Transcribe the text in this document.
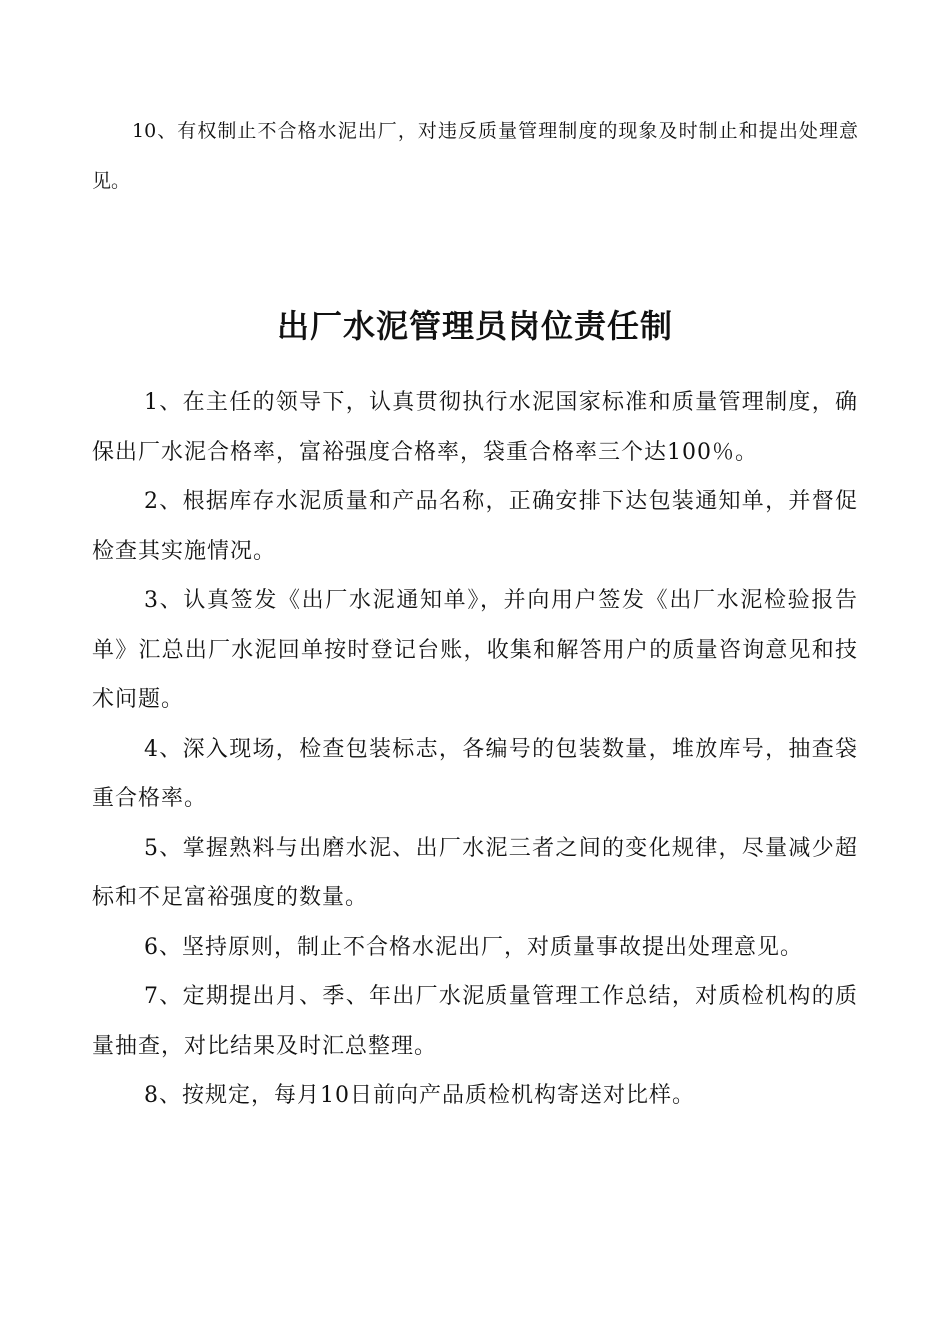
10、有权制止不合格水泥出厂，对违反质量管理制度的现象及时制止和提出处理意见。

出厂水泥管理员岗位责任制

1、在主任的领导下，认真贯彻执行水泥国家标准和质量管理制度，确保出厂水泥合格率，富裕强度合格率，袋重合格率三个达100％。

2、根据库存水泥质量和产品名称，正确安排下达包装通知单，并督促检查其实施情况。

3、认真签发《出厂水泥通知单》，并向用户签发《出厂水泥检验报告单》汇总出厂水泥回单按时登记台账，收集和解答用户的质量咨询意见和技术问题。

4、深入现场，检查包装标志，各编号的包装数量，堆放库号，抽查袋重合格率。

5、掌握熟料与出磨水泥、出厂水泥三者之间的变化规律，尽量减少超标和不足富裕强度的数量。

6、坚持原则，制止不合格水泥出厂，对质量事故提出处理意见。

7、定期提出月、季、年出厂水泥质量管理工作总结，对质检机构的质量抽查，对比结果及时汇总整理。

8、按规定，每月10日前向产品质检机构寄送对比样。
